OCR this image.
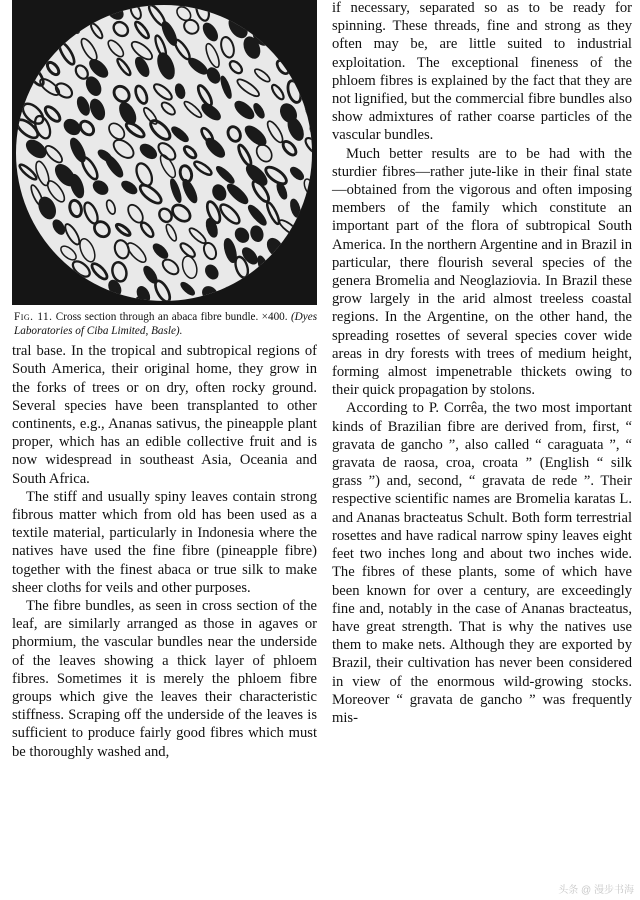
Fig. 11. Cross section through an abaca fibre bundle. ×400. (Dyes Laboratories of Ciba Limited, Basle).

tral base. In the tropical and subtropical regions of South America, their original home, they grow in the forks of trees or on dry, often rocky ground. Several species have been transplanted to other continents, e.g., Ananas sativus, the pineapple plant proper, which has an edible collective fruit and is now widespread in southeast Asia, Oceania and South Africa.

The stiff and usually spiny leaves contain strong fibrous matter which from old has been used as a textile material, particularly in Indonesia where the natives have used the fine fibre (pineapple fibre) together with the finest abaca or true silk to make sheer cloths for veils and other purposes.

The fibre bundles, as seen in cross section of the leaf, are similarly arranged as those in agaves or phormium, the vascular bundles near the underside of the leaves showing a thick layer of phloem fibres. Sometimes it is merely the phloem fibre groups which give the leaves their characteristic stiffness. Scraping off the underside of the leaves is sufficient to produce fairly good fibres which must be thoroughly washed and,

if necessary, separated so as to be ready for spinning. These threads, fine and strong as they often may be, are little suited to industrial exploitation. The exceptional fineness of the phloem fibres is explained by the fact that they are not lignified, but the commercial fibre bundles also show admixtures of rather coarse particles of the vascular bundles.

Much better results are to be had with the sturdier fibres—rather jute-like in their final state—obtained from the vigorous and often imposing members of the family which constitute an important part of the flora of subtropical South America. In the northern Argentine and in Brazil in particular, there flourish several species of the genera Bromelia and Neoglaziovia. In Brazil these grow largely in the arid almost treeless coastal regions. In the Argentine, on the other hand, the spreading rosettes of several species cover wide areas in dry forests with trees of medium height, forming almost impenetrable thickets owing to their quick propagation by stolons.

According to P. Corrêa, the two most important kinds of Brazilian fibre are derived from, first, “ gravata de gancho ”, also called “ caraguata ”, “ gravata de raosa, croa, croata ” (English “ silk grass ”) and, second, “ gravata de rede ”. Their respective scientific names are Bromelia karatas L. and Ananas bracteatus Schult. Both form terrestrial rosettes and have radical narrow spiny leaves eight feet two inches long and about two inches wide. The fibres of these plants, some of which have been known for over a century, are exceedingly fine and, notably in the case of Ananas bracteatus, have great strength. That is why the natives use them to make nets. Although they are exported by Brazil, their cultivation has never been considered in view of the enormous wild-growing stocks. Moreover “ gravata de gancho ” was frequently mis-

头条 @ 漫步书海
